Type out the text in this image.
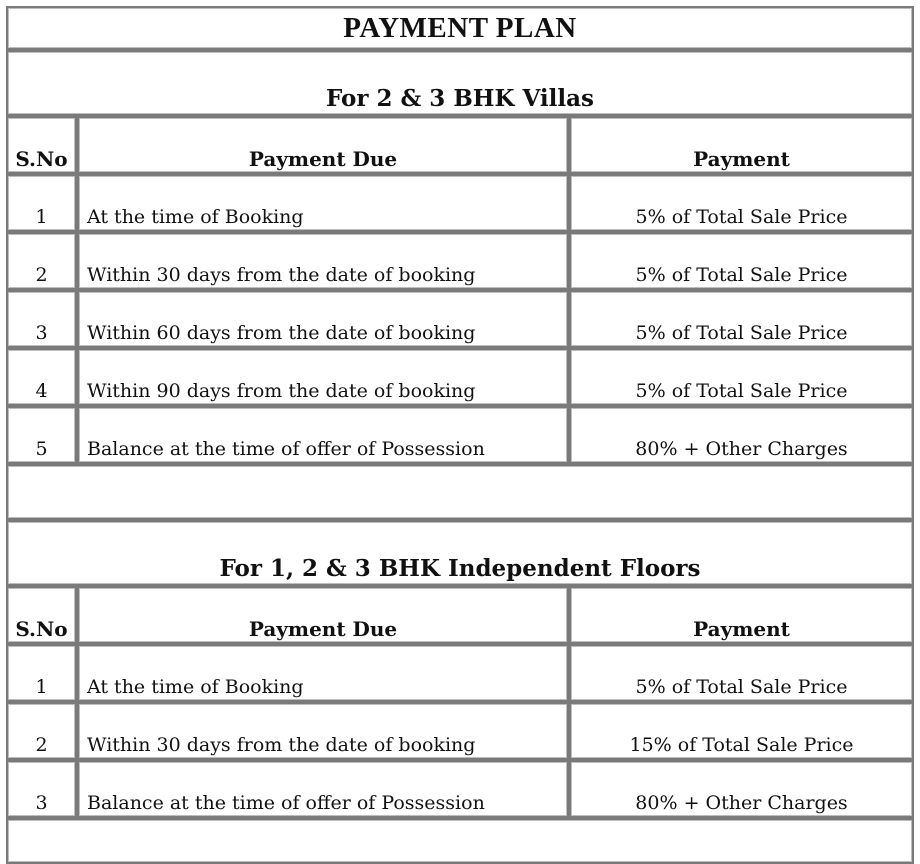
PAYMENT PLAN		
For 2 & 3 BHK Villas		
S.No	Payment Due	Payment
1	At the time of Booking	5% of Total Sale Price
2	Within 30 days from the date of booking	5% of Total Sale Price
3	Within 60 days from the date of booking	5% of Total Sale Price
4	Within 90 days from the date of booking	5% of Total Sale Price
5	Balance at the time of offer of Possession	80% + Other Charges

For 1, 2 & 3 BHK Independent Floors		
S.No	Payment Due	Payment
1	At the time of Booking	5% of Total Sale Price
2	Within 30 days from the date of booking	15% of Total Sale Price
3	Balance at the time of offer of Possession	80% + Other Charges
